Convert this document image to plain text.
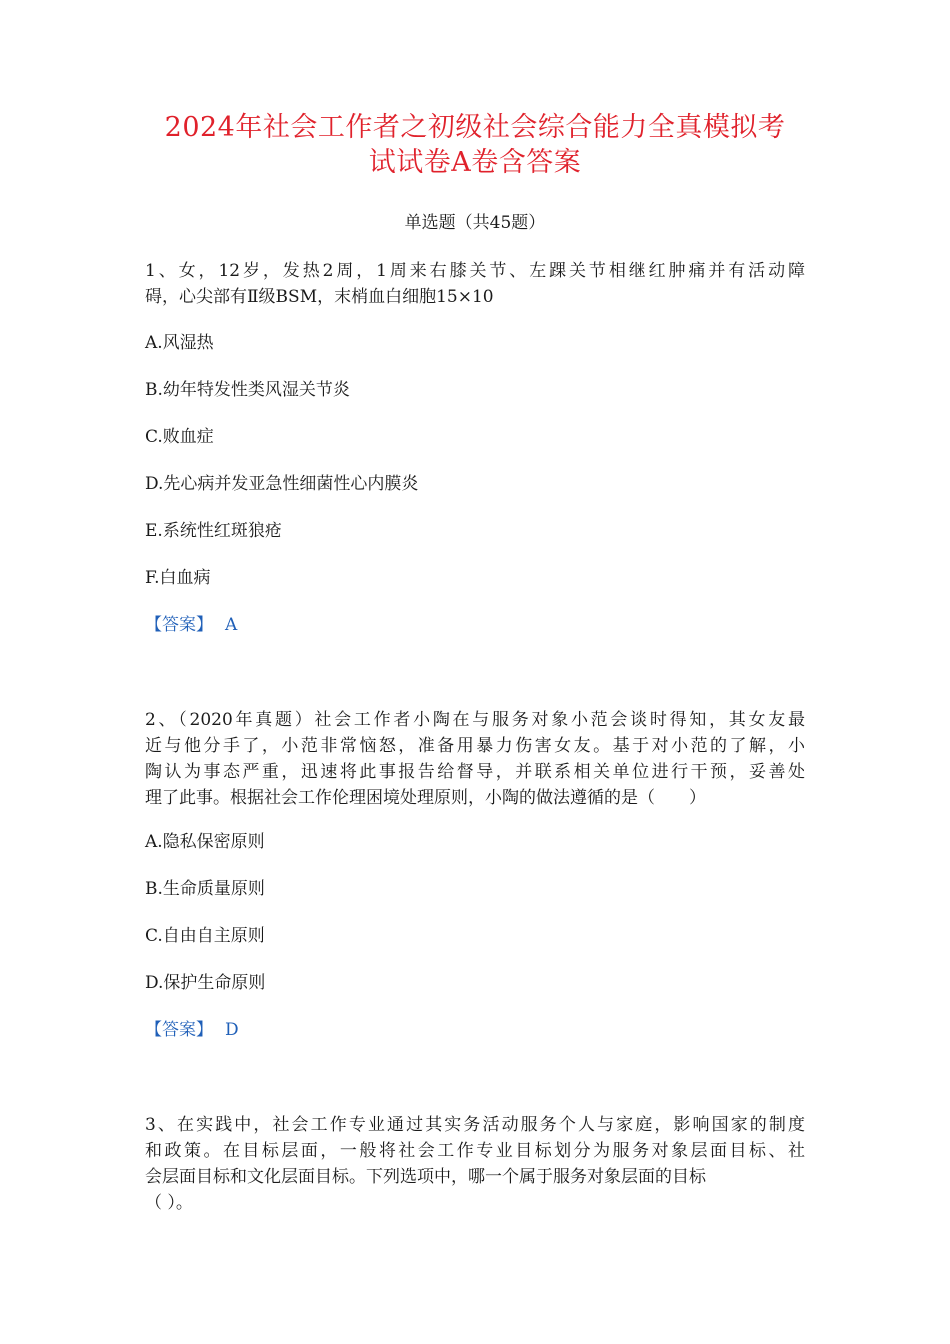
2024年社会工作者之初级社会综合能力全真模拟考
试试卷A卷含答案
单选题（共45题）
1、女，12岁，发热2周，1周来右膝关节、左踝关节相继红肿痛并有活动障
碍，心尖部有Ⅱ级BSM，末梢血白细胞15×10
A.风湿热
B.幼年特发性类风湿关节炎
C.败血症
D.先心病并发亚急性细菌性心内膜炎
E.系统性红斑狼疮
F.白血病
【答案】 A
2、（2020年真题）社会工作者小陶在与服务对象小范会谈时得知，其女友最
近与他分手了，小范非常恼怒，准备用暴力伤害女友。基于对小范的了解，小
陶认为事态严重，迅速将此事报告给督导，并联系相关单位进行干预，妥善处
理了此事。根据社会工作伦理困境处理原则，小陶的做法遵循的是（　　）
A.隐私保密原则
B.生命质量原则
C.自由自主原则
D.保护生命原则
【答案】 D
3、在实践中，社会工作专业通过其实务活动服务个人与家庭，影响国家的制度
和政策。在目标层面，一般将社会工作专业目标划分为服务对象层面目标、社
会层面目标和文化层面目标。下列选项中，哪一个属于服务对象层面的目标
（ ）。
